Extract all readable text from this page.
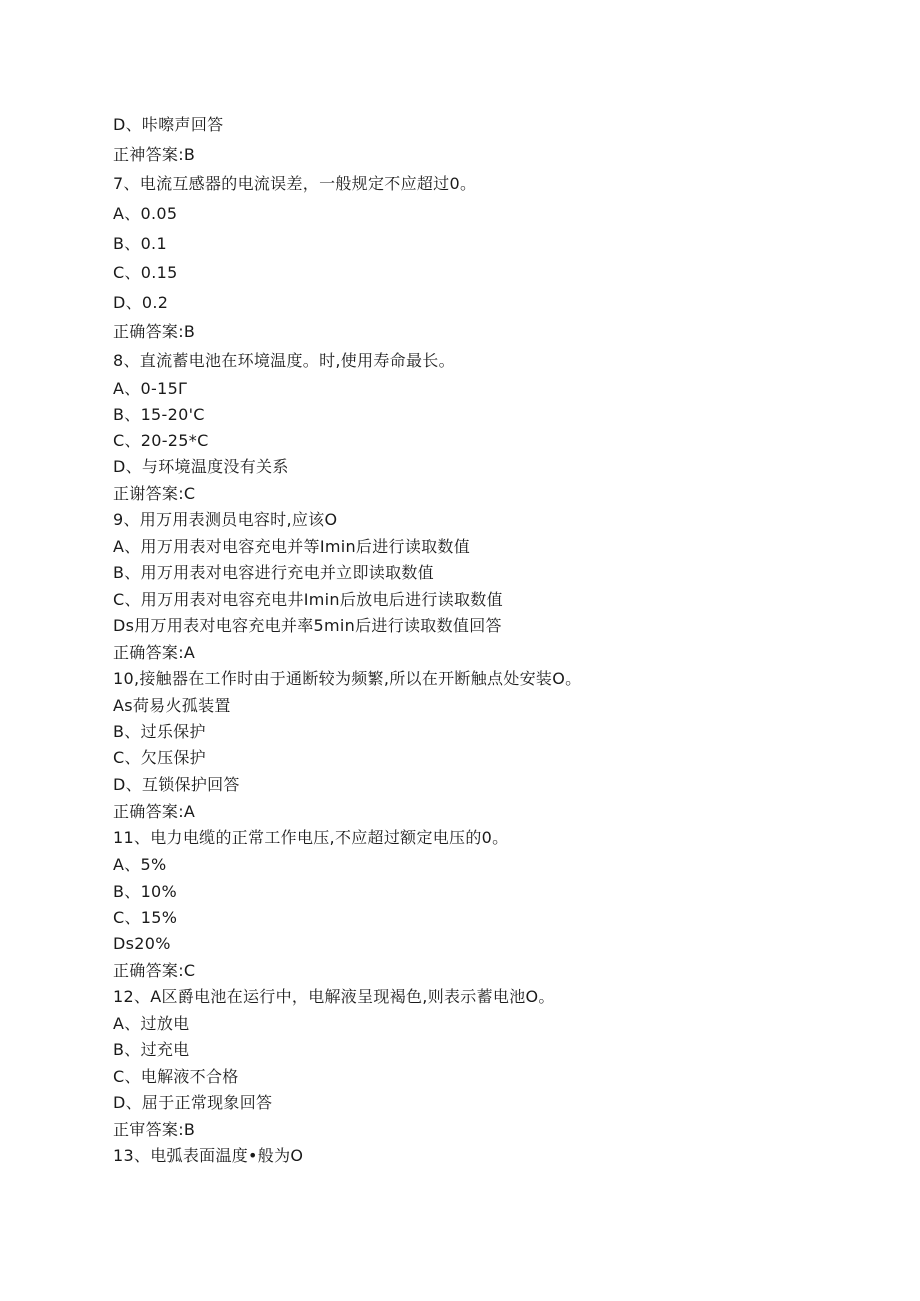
D、咔嚓声回答
正神答案:B
7、电流互感器的电流误差，一般规定不应超过0。
A、0.05
B、0.1
C、0.15
D、0.2
正确答案:B
8、直流蓄电池在环境温度。时,使用寿命最长。
A、0-15Γ
B、15-20'C
C、20-25*C
D、与环境温度没有关系
正谢答案:C
9、用万用表测员电容时,应该O
A、用万用表对电容充电并等Imin后进行读取数值
B、用万用表对电容进行充电并立即读取数值
C、用万用表对电容充电井Imin后放电后进行读取数值
Ds用万用表对电容充电并率5min后进行读取数值回答
正确答案:A
10,接触器在工作时由于通断较为频繁,所以在开断触点处安装O。
As荷易火孤装置
B、过乐保护
C、欠压保护
D、互锁保护回答
正确答案:A
11、电力电缆的正常工作电压,不应超过额定电压的0。
A、5%
B、10%
C、15%
Ds20%
正确答案:C
12、A区爵电池在运行中，电解液呈现褐色,则表示蓄电池O。
A、过放电
B、过充电
C、电解液不合格
D、屈于正常现象回答
正审答案:B
13、电弧表面温度•般为O
